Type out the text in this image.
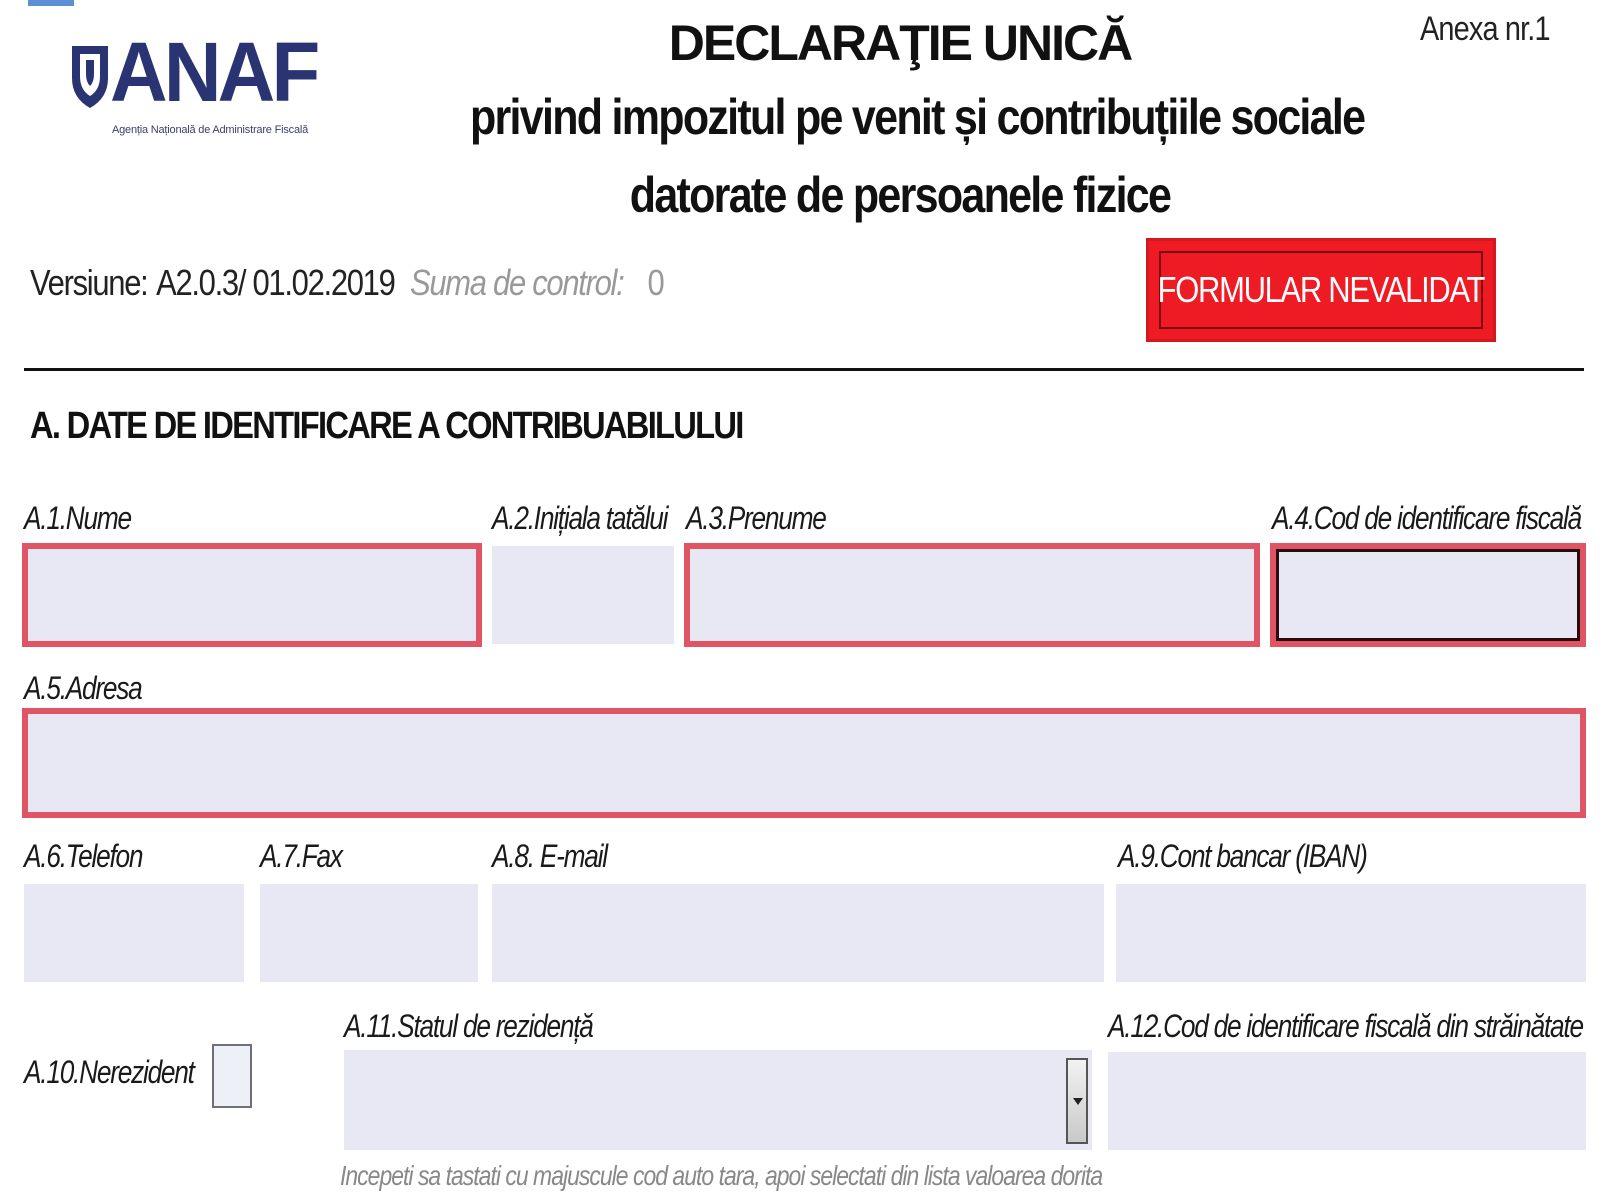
ANAF
Agenția Națională de Administrare Fiscală
DECLARAŢIE UNICĂ
privind impozitul pe venit și contribuțiile sociale
datorate de persoanele fizice
Anexa nr.1
Versiune: A2.0.3/ 01.02.2019 Suma de control: 0	FORMULAR NEVALIDAT
A. DATE DE IDENTIFICARE A CONTRIBUABILULUI
A.1.Nume	A.2.Inițiala tatălui A.3.Prenume	A.4.Cod de identificare fiscală
A.5.Adresa
A.6.Telefon	A.7.Fax	A.8. E-mail	A.9.Cont bancar (IBAN)
A.10.Nerezident
A.11.Statul de rezidență	A.12.Cod de identificare fiscală din străinătate
Incepeti sa tastati cu majuscule cod auto tara, apoi selectati din lista valoarea dorita
